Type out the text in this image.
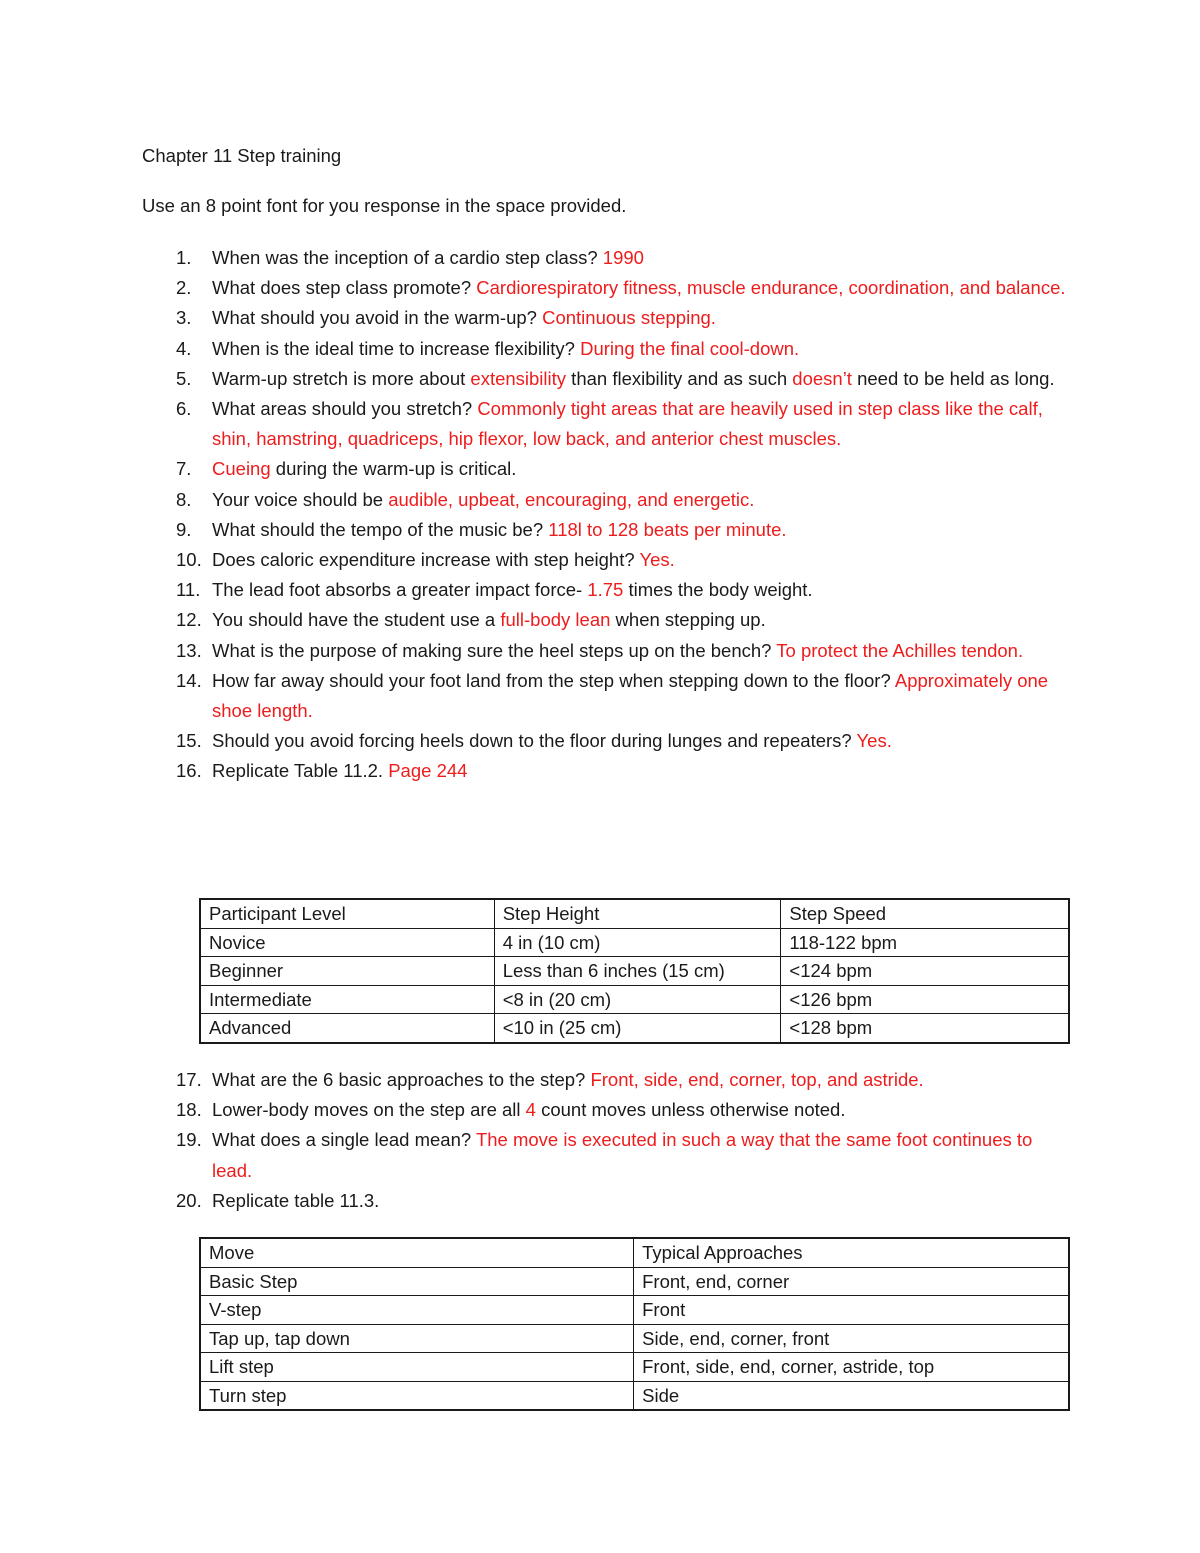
Chapter 11 Step training
Use an 8 point font for you response in the space provided.
1. When was the inception of a cardio step class? 1990
2. What does step class promote? Cardiorespiratory fitness, muscle endurance, coordination, and balance.
3. What should you avoid in the warm-up? Continuous stepping.
4. When is the ideal time to increase flexibility? During the final cool-down.
5. Warm-up stretch is more about extensibility than flexibility and as such doesn’t need to be held as long.
6. What areas should you stretch? Commonly tight areas that are heavily used in step class like the calf, shin, hamstring, quadriceps, hip flexor, low back, and anterior chest muscles.
7. Cueing during the warm-up is critical.
8. Your voice should be audible, upbeat, encouraging, and energetic.
9. What should the tempo of the music be? 118l to 128 beats per minute.
10. Does caloric expenditure increase with step height? Yes.
11. The lead foot absorbs a greater impact force- 1.75 times the body weight.
12. You should have the student use a full-body lean when stepping up.
13. What is the purpose of making sure the heel steps up on the bench? To protect the Achilles tendon.
14. How far away should your foot land from the step when stepping down to the floor? Approximately one shoe length.
15. Should you avoid forcing heels down to the floor during lunges and repeaters? Yes.
16. Replicate Table 11.2. Page 244
Participant Level	Step Height	Step Speed
Novice	4 in (10 cm)	118-122 bpm
Beginner	Less than 6 inches (15 cm)	<124 bpm
Intermediate	<8 in (20 cm)	<126 bpm
Advanced	<10 in (25 cm)	<128 bpm
17. What are the 6 basic approaches to the step? Front, side, end, corner, top, and astride.
18. Lower-body moves on the step are all 4 count moves unless otherwise noted.
19. What does a single lead mean? The move is executed in such a way that the same foot continues to lead.
20. Replicate table 11.3.
Move	Typical Approaches
Basic Step	Front, end, corner
V-step	Front
Tap up, tap down	Side, end, corner, front
Lift step	Front, side, end, corner, astride, top
Turn step	Side
